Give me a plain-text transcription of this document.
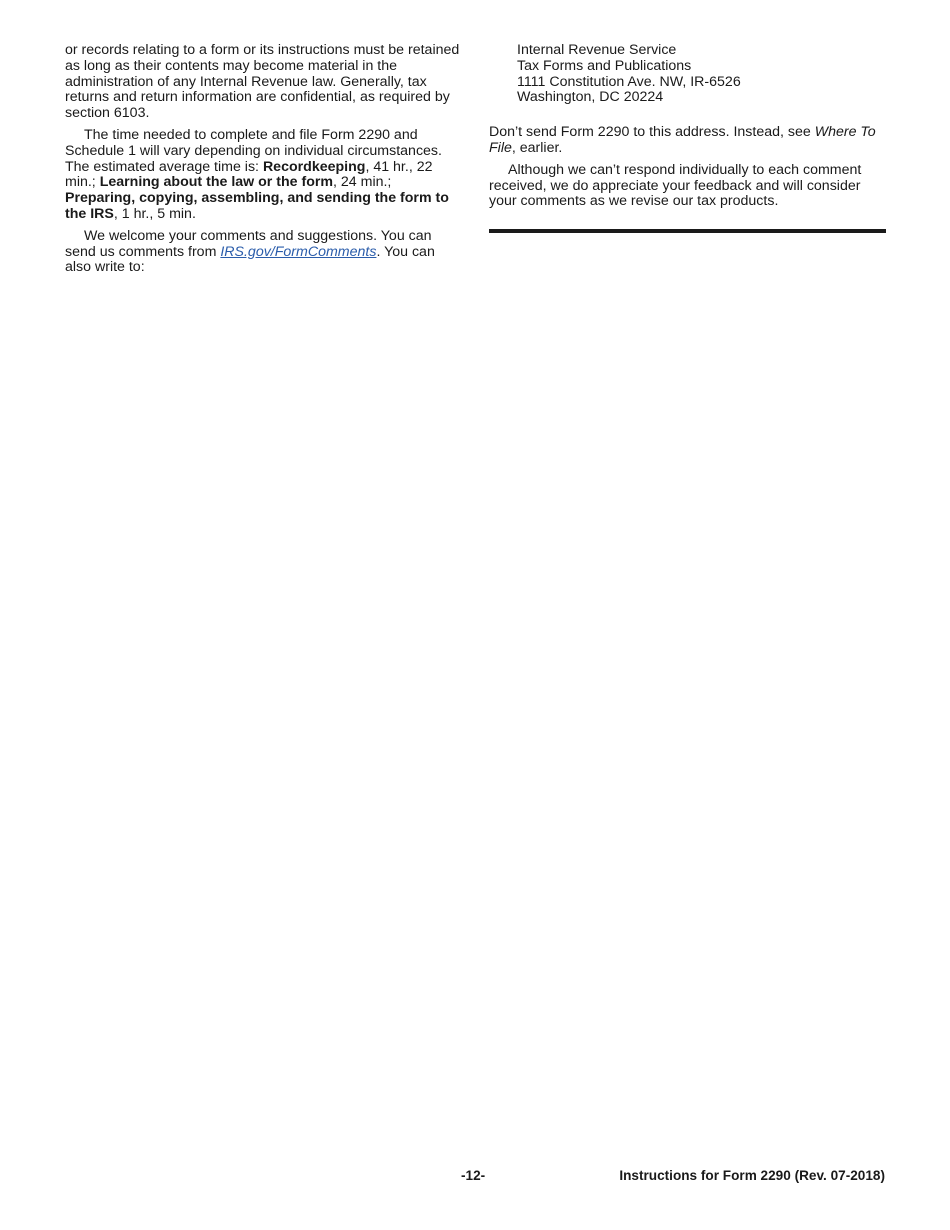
or records relating to a form or its instructions must be retained as long as their contents may become material in the administration of any Internal Revenue law. Generally, tax returns and return information are confidential, as required by section 6103.

The time needed to complete and file Form 2290 and Schedule 1 will vary depending on individual circumstances. The estimated average time is: Recordkeeping, 41 hr., 22 min.; Learning about the law or the form, 24 min.; Preparing, copying, assembling, and sending the form to the IRS, 1 hr., 5 min.

We welcome your comments and suggestions. You can send us comments from IRS.gov/FormComments. You can also write to:

Internal Revenue Service
Tax Forms and Publications
1111 Constitution Ave. NW, IR-6526
Washington, DC 20224

Don’t send Form 2290 to this address. Instead, see Where To File, earlier.

Although we can’t respond individually to each comment received, we do appreciate your feedback and will consider your comments as we revise our tax products.

-12-	Instructions for Form 2290 (Rev. 07-2018)
